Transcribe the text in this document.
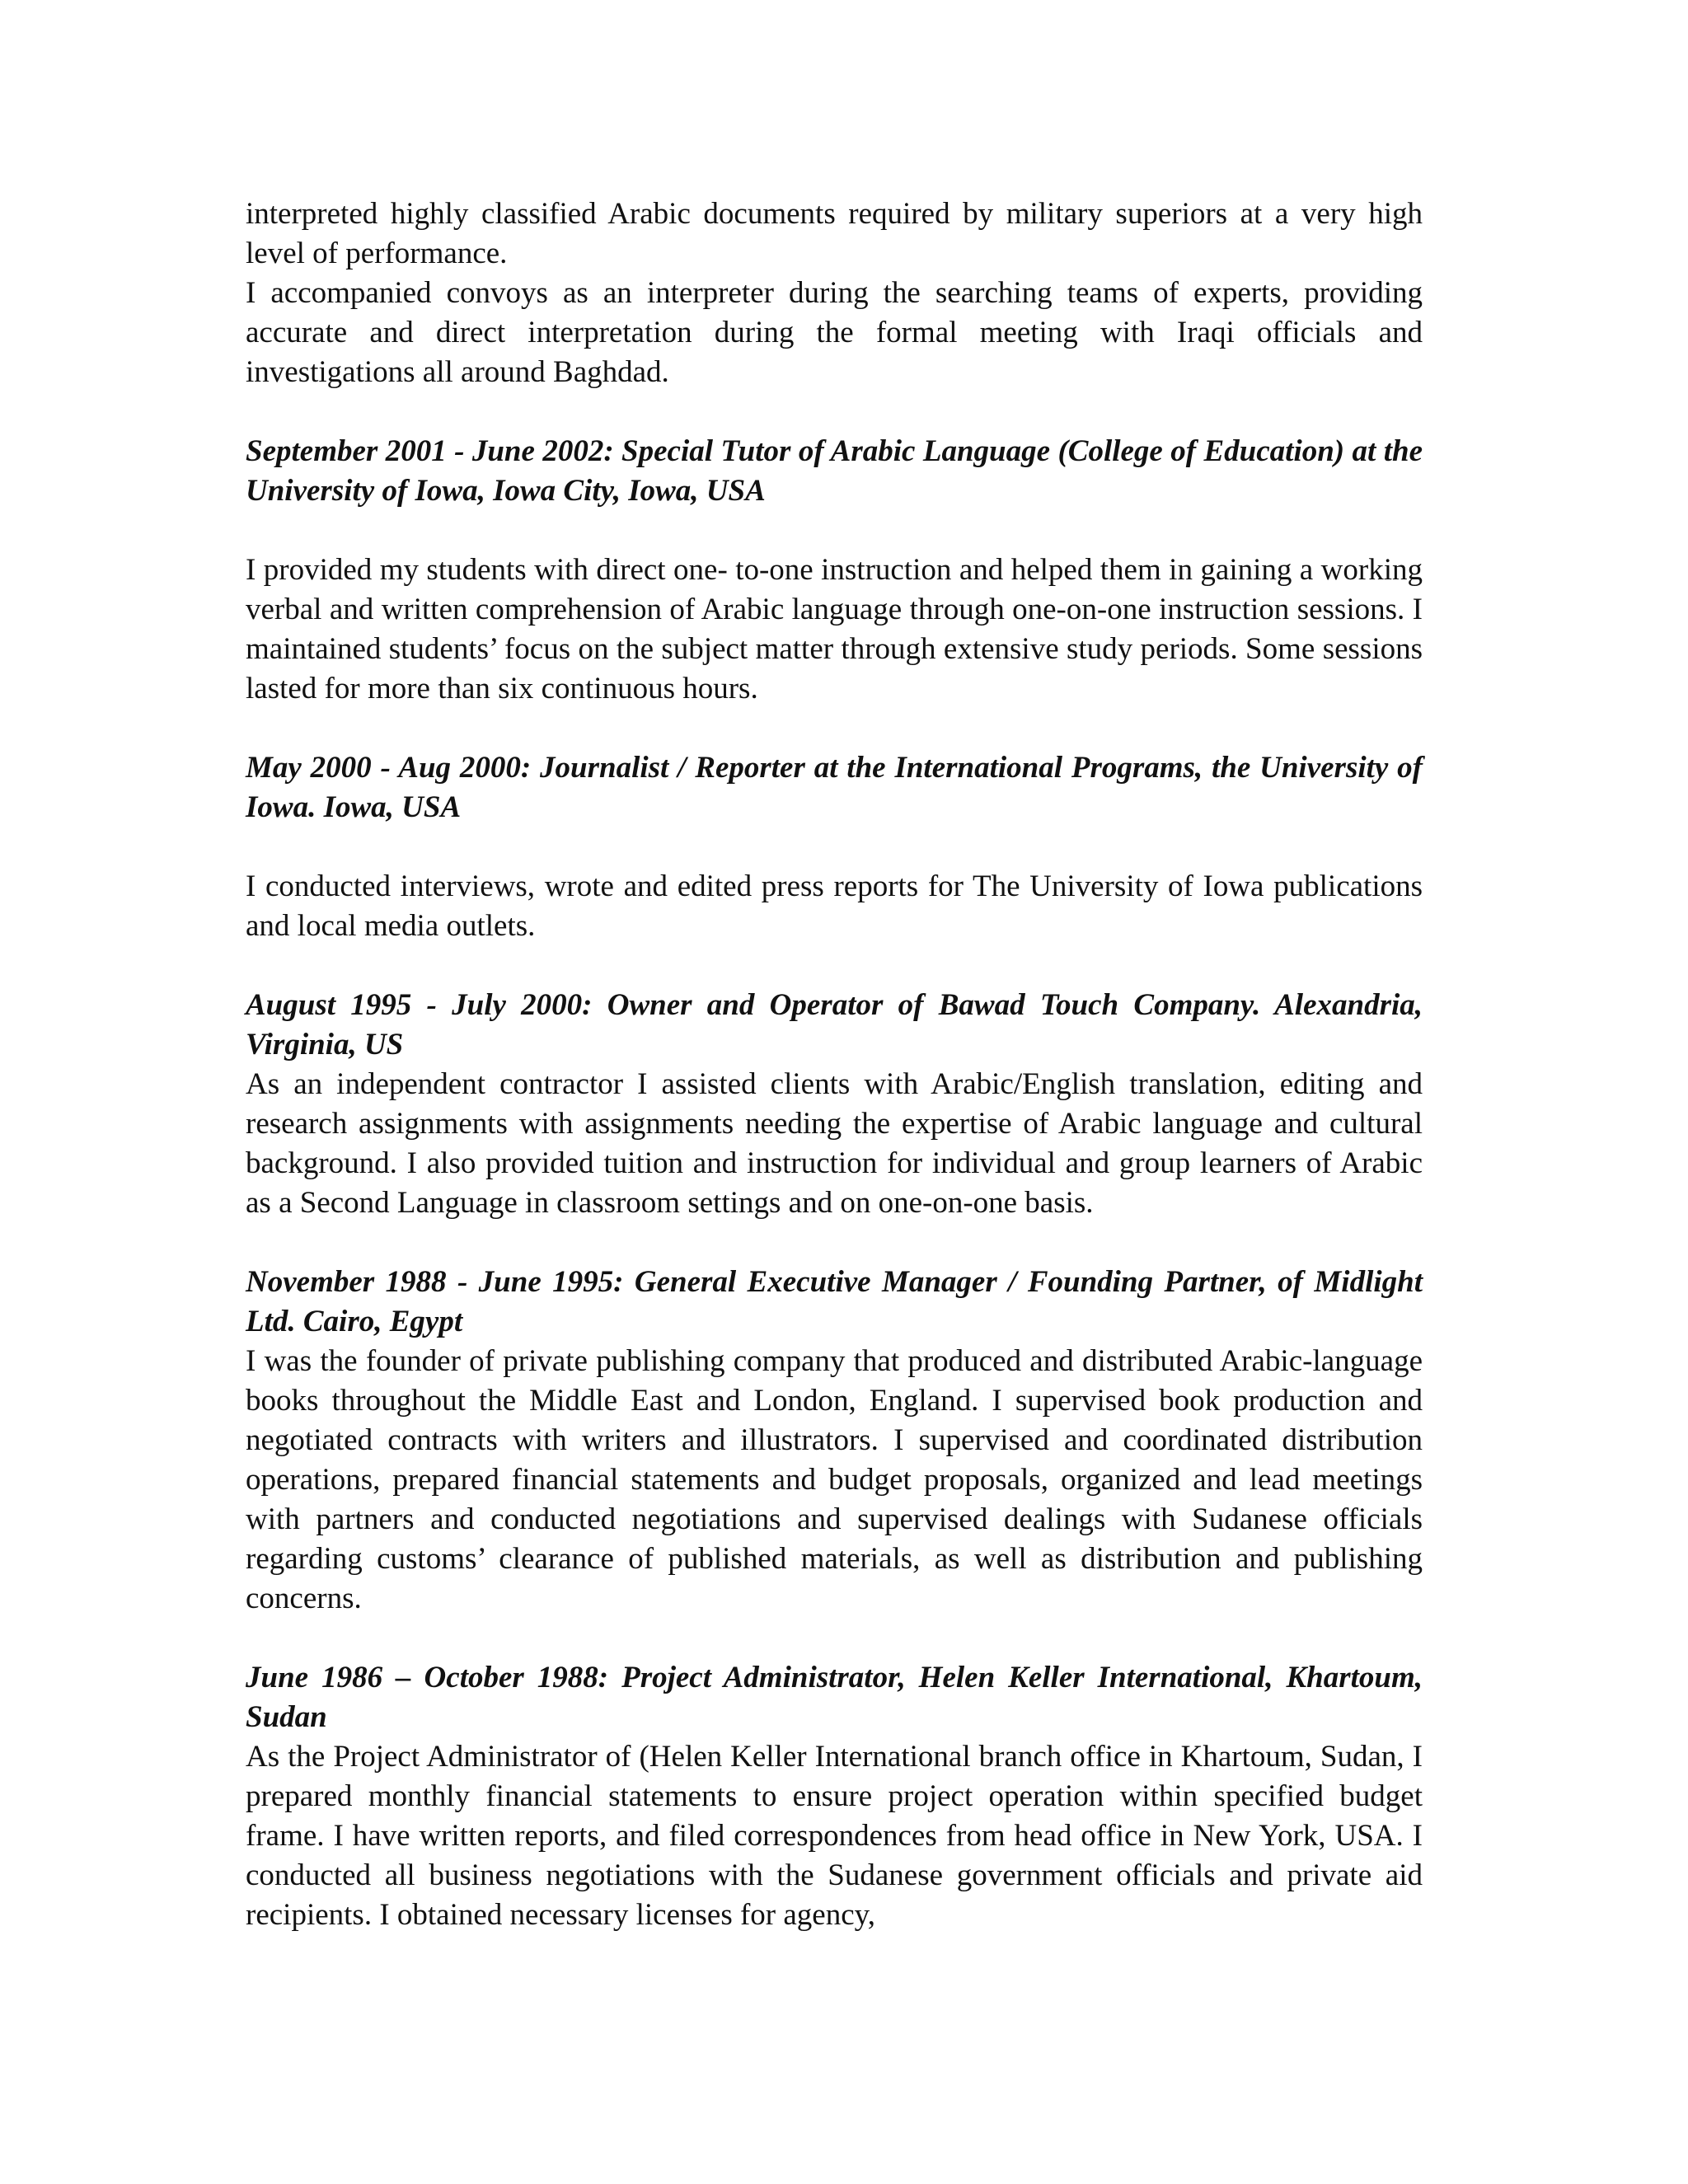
interpreted highly classified Arabic documents required by military superiors at a very high level of performance.

I accompanied convoys as an interpreter during the searching teams of experts, providing accurate and direct interpretation during the formal meeting with Iraqi officials and investigations all around Baghdad.

September 2001 - June 2002: Special Tutor of Arabic Language (College of Education) at the University of Iowa, Iowa City, Iowa, USA

I provided my students with direct one- to-one instruction and helped them in gaining a working verbal and written comprehension of Arabic language through one-on-one instruction sessions. I maintained students’ focus on the subject matter through extensive study periods. Some sessions lasted for more than six continuous hours.

May 2000 - Aug 2000: Journalist / Reporter at the International Programs, the University of Iowa. Iowa, USA

I conducted interviews, wrote and edited press reports for The University of Iowa publications and local media outlets.

August 1995 - July 2000: Owner and Operator of Bawad Touch Company. Alexandria, Virginia, US

As an independent contractor I assisted clients with Arabic/English translation, editing and research assignments with assignments needing the expertise of Arabic language and cultural background. I also provided tuition and instruction for individual and group learners of Arabic as a Second Language in classroom settings and on one-on-one basis.

November 1988 - June 1995: General Executive Manager / Founding Partner, of Midlight Ltd. Cairo, Egypt

I was the founder of private publishing company that produced and distributed Arabic-language books throughout the Middle East and London, England. I supervised book production and negotiated contracts with writers and illustrators. I supervised and coordinated distribution operations, prepared financial statements and budget proposals, organized and lead meetings with partners and conducted negotiations and supervised dealings with Sudanese officials regarding customs’ clearance of published materials, as well as distribution and publishing concerns.

June 1986 – October 1988: Project Administrator, Helen Keller International, Khartoum, Sudan

As the Project Administrator of (Helen Keller International branch office in Khartoum, Sudan, I prepared monthly financial statements to ensure project operation within specified budget frame. I have written reports, and filed correspondences from head office in New York, USA. I conducted all business negotiations with the Sudanese government officials and private aid recipients. I obtained necessary licenses for agency,
